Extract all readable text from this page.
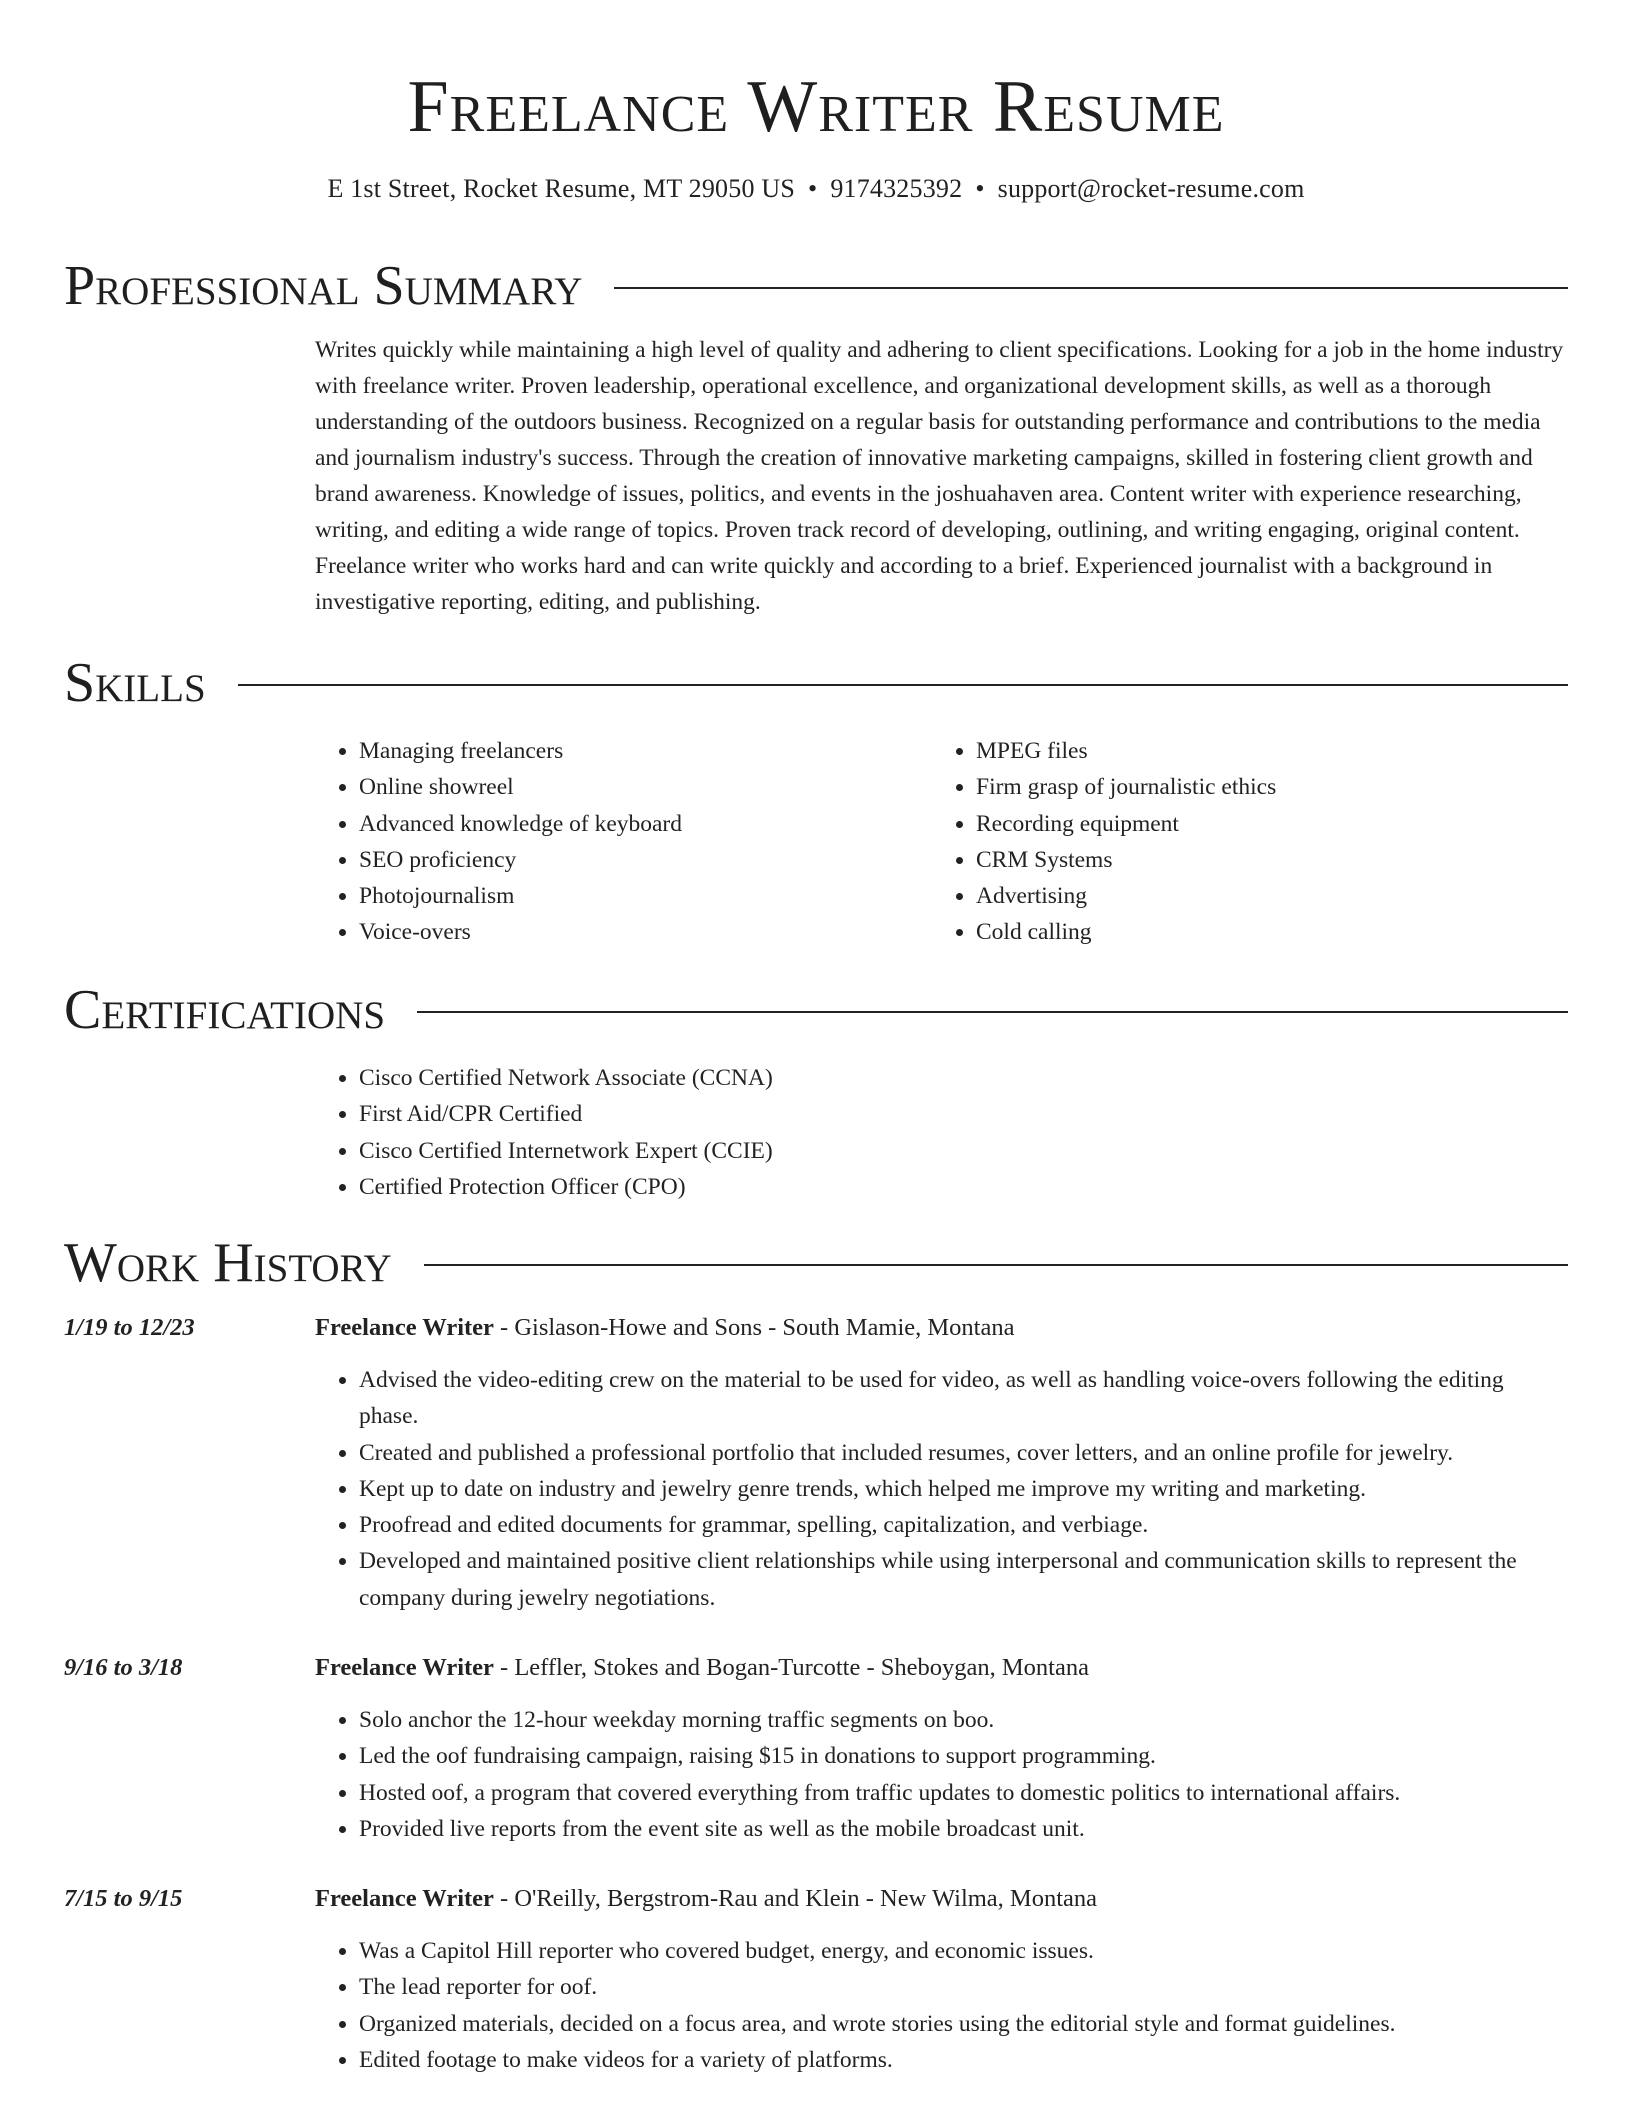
Freelance Writer Resume
E 1st Street, Rocket Resume, MT 29050 US • 9174325392 • support@rocket-resume.com
Professional Summary
Writes quickly while maintaining a high level of quality and adhering to client specifications. Looking for a job in the home industry with freelance writer. Proven leadership, operational excellence, and organizational development skills, as well as a thorough understanding of the outdoors business. Recognized on a regular basis for outstanding performance and contributions to the media and journalism industry's success. Through the creation of innovative marketing campaigns, skilled in fostering client growth and brand awareness. Knowledge of issues, politics, and events in the joshuahaven area. Content writer with experience researching, writing, and editing a wide range of topics. Proven track record of developing, outlining, and writing engaging, original content. Freelance writer who works hard and can write quickly and according to a brief. Experienced journalist with a background in investigative reporting, editing, and publishing.
Skills
• Managing freelancers
• Online showreel
• Advanced knowledge of keyboard
• SEO proficiency
• Photojournalism
• Voice-overs
• MPEG files
• Firm grasp of journalistic ethics
• Recording equipment
• CRM Systems
• Advertising
• Cold calling
Certifications
• Cisco Certified Network Associate (CCNA)
• First Aid/CPR Certified
• Cisco Certified Internetwork Expert (CCIE)
• Certified Protection Officer (CPO)
Work History
1/19 to 12/23	Freelance Writer - Gislason-Howe and Sons - South Mamie, Montana
• Advised the video-editing crew on the material to be used for video, as well as handling voice-overs following the editing phase.
• Created and published a professional portfolio that included resumes, cover letters, and an online profile for jewelry.
• Kept up to date on industry and jewelry genre trends, which helped me improve my writing and marketing.
• Proofread and edited documents for grammar, spelling, capitalization, and verbiage.
• Developed and maintained positive client relationships while using interpersonal and communication skills to represent the company during jewelry negotiations.
9/16 to 3/18	Freelance Writer - Leffler, Stokes and Bogan-Turcotte - Sheboygan, Montana
• Solo anchor the 12-hour weekday morning traffic segments on boo.
• Led the oof fundraising campaign, raising $15 in donations to support programming.
• Hosted oof, a program that covered everything from traffic updates to domestic politics to international affairs.
• Provided live reports from the event site as well as the mobile broadcast unit.
7/15 to 9/15	Freelance Writer - O'Reilly, Bergstrom-Rau and Klein - New Wilma, Montana
• Was a Capitol Hill reporter who covered budget, energy, and economic issues.
• The lead reporter for oof.
• Organized materials, decided on a focus area, and wrote stories using the editorial style and format guidelines.
• Edited footage to make videos for a variety of platforms.
